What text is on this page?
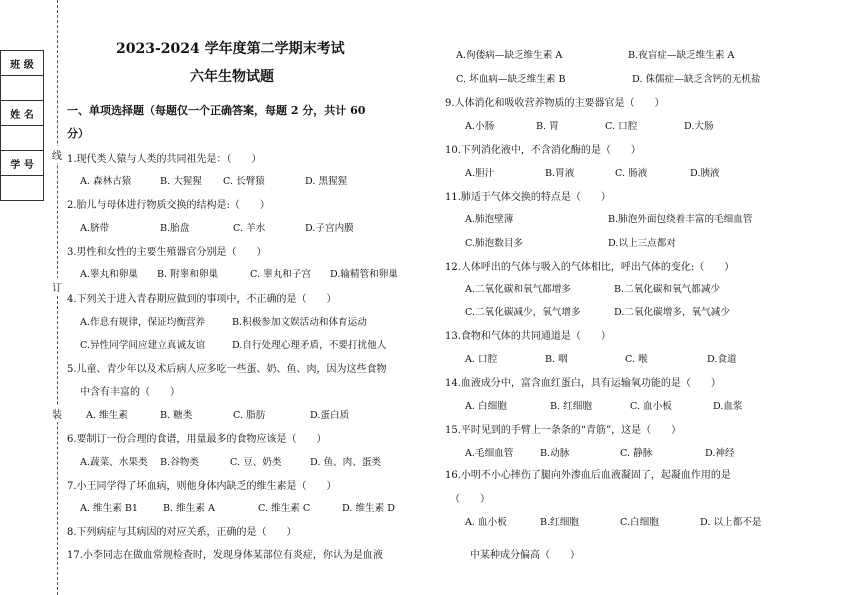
班 级

姓 名

学 号

线
订
装
2023-2024 学年度第二学期末考试
六年生物试题
一、单项选择题（每题仅一个正确答案，每题 2 分，共计 60
分）
1.现代类人猿与人类的共同祖先是：（　　）
A. 森林古猿	B. 大猩猩 C. 长臂猿	D. 黑猩猩
2.胎儿与母体进行物质交换的结构是:（　　）
A.脐带	B.胎盘	C. 羊水	D.子宫内膜
3.男性和女性的主要生殖器官分别是（　　）
A.睾丸和卵巢 B. 附睾和卵巢	C. 睾丸和子宫 D.输精管和卵巢
4.下列关于进入青春期应做到的事项中，不正确的是（　　）
A.作息有规律，保证均衡营养	B.积极参加文娱活动和体育运动
C.异性同学间应建立真诚友谊	D.自行处理心理矛盾，不要打扰他人
5.儿童、青少年以及术后病人应多吃一些蛋、奶、鱼、肉，因为这些食物
中含有丰富的（　　）
A. 维生素	B. 糖类	C. 脂肪	D.蛋白质
6.要制订一份合理的食谱，用量最多的食物应该是（　　）
A.蔬菜、水果类 B.谷物类	C. 豆、奶类	D. 鱼、肉、蛋类
7.小王同学得了坏血病，则他身体内缺乏的维生素是（　　）
A. 维生素 B1	B. 维生素 A	C. 维生素 C	D. 维生素 D
8.下列病症与其病因的对应关系，正确的是（　　）
17.小李同志在做血常规检查时，发现身体某部位有炎症，你认为是血液
A.佝偻病—缺乏维生素 A	B.夜盲症—缺乏维生素 A
C. 坏血病—缺乏维生素 B	D. 侏儒症—缺乏含钙的无机盐
9.人体消化和吸收营养物质的主要器官是（　　）
A.小肠	B. 胃	C. 口腔	D.大肠
10.下列消化液中，不含消化酶的是（　　）
A.胆汁	B.胃液	C. 肠液	D.胰液
11.肺适于气体交换的特点是（　　）
A.肺泡壁薄	B.肺泡外面包绕着丰富的毛细血管
C.肺泡数目多	D.以上三点都对
12.人体呼出的气体与吸入的气体相比，呼出气体的变化:（　　）
A.二氧化碳和氧气都增多	B.二氧化碳和氧气都减少
C.二氧化碳减少，氧气增多	D.二氧化碳增多，氧气减少
13.食物和气体的共同通道是（　　）
A. 口腔	B. 咽	C. 喉	D.食道
14.血液成分中，富含血红蛋白，具有运输氧功能的是（　　）
A. 白细胞	B. 红细胞	C. 血小板	D.血浆
15.平时见到的手臂上一条条的“青筋”，这是（　　）
A.毛细血管	B.动脉	C. 静脉	D.神经
16.小明不小心摔伤了腿向外渗血后血液凝固了，起凝血作用的是
（　　）
A. 血小板	B.红细胞	C.白细胞	D. 以上都不是
中某种成分偏高（　　）
